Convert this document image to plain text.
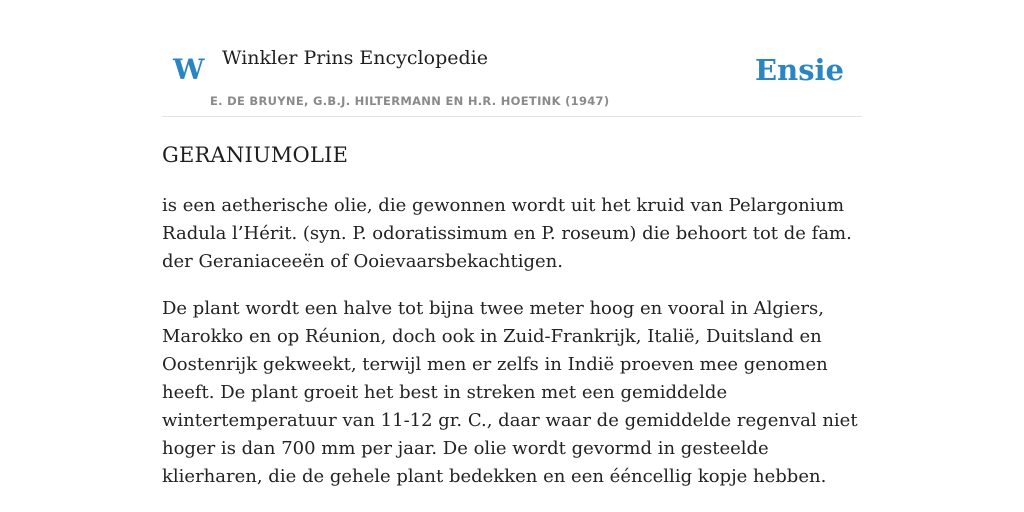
W Winkler Prins Encyclopedie
E. DE BRUYNE, G.B.J. HILTERMANN EN H.R. HOETINK (1947)
Ensie
GERANIUMOLIE

is een aetherische olie, die gewonnen wordt uit het kruid van Pelargonium Radula l’Hérit. (syn. P. odoratissimum en P. roseum) die behoort tot de fam. der Geraniaceeën of Ooievaarsbekachtigen.

De plant wordt een halve tot bijna twee meter hoog en vooral in Algiers, Marokko en op Réunion, doch ook in Zuid-Frankrijk, Italië, Duitsland en Oostenrijk gekweekt, terwijl men er zelfs in Indië proeven mee genomen heeft. De plant groeit het best in streken met een gemiddelde wintertemperatuur van 11-12 gr. C., daar waar de gemiddelde regenval niet hoger is dan 700 mm per jaar. De olie wordt gevormd in gesteelde klierharen, die de gehele plant bedekken en een ééncellig kopje hebben.
